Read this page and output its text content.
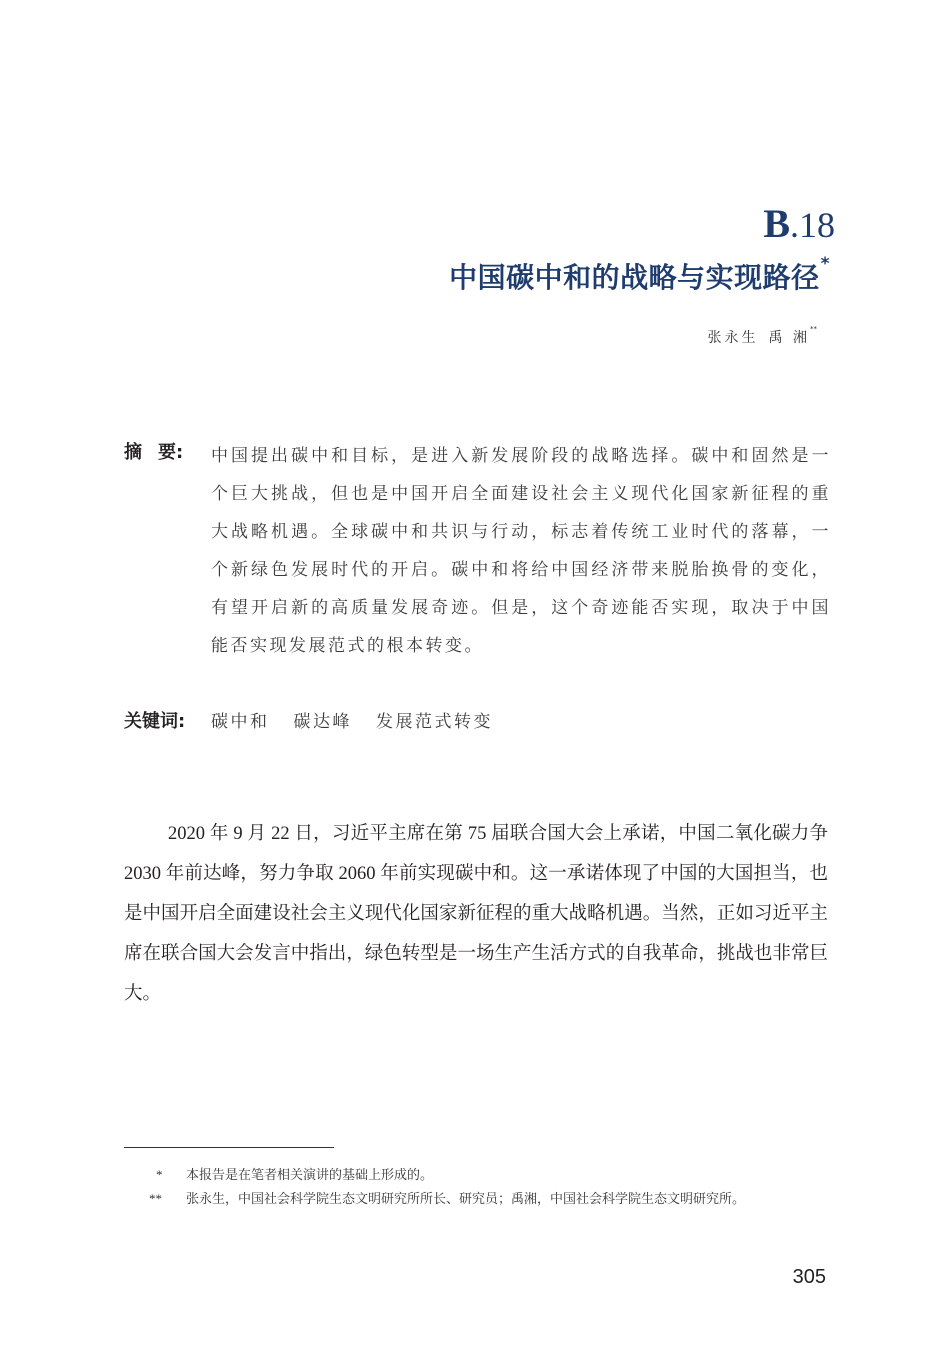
B.18
中国碳中和的战略与实现路径*
张永生 禹 湘**
摘 要: 中国提出碳中和目标，是进入新发展阶段的战略选择。碳中和固然是一个巨大挑战，但也是中国开启全面建设社会主义现代化国家新征程的重大战略机遇。全球碳中和共识与行动，标志着传统工业时代的落幕，一个新绿色发展时代的开启。碳中和将给中国经济带来脱胎换骨的变化，有望开启新的高质量发展奇迹。但是，这个奇迹能否实现，取决于中国能否实现发展范式的根本转变。
关键词: 碳中和 碳达峰 发展范式转变
2020 年 9 月 22 日，习近平主席在第 75 届联合国大会上承诺，中国二氧化碳力争 2030 年前达峰，努力争取 2060 年前实现碳中和。这一承诺体现了中国的大国担当，也是中国开启全面建设社会主义现代化国家新征程的重大战略机遇。当然，正如习近平主席在联合国大会发言中指出，绿色转型是一场生产生活方式的自我革命，挑战也非常巨大。
* 本报告是在笔者相关演讲的基础上形成的。
** 张永生，中国社会科学院生态文明研究所所长、研究员；禹湘，中国社会科学院生态文明研究所。
305
